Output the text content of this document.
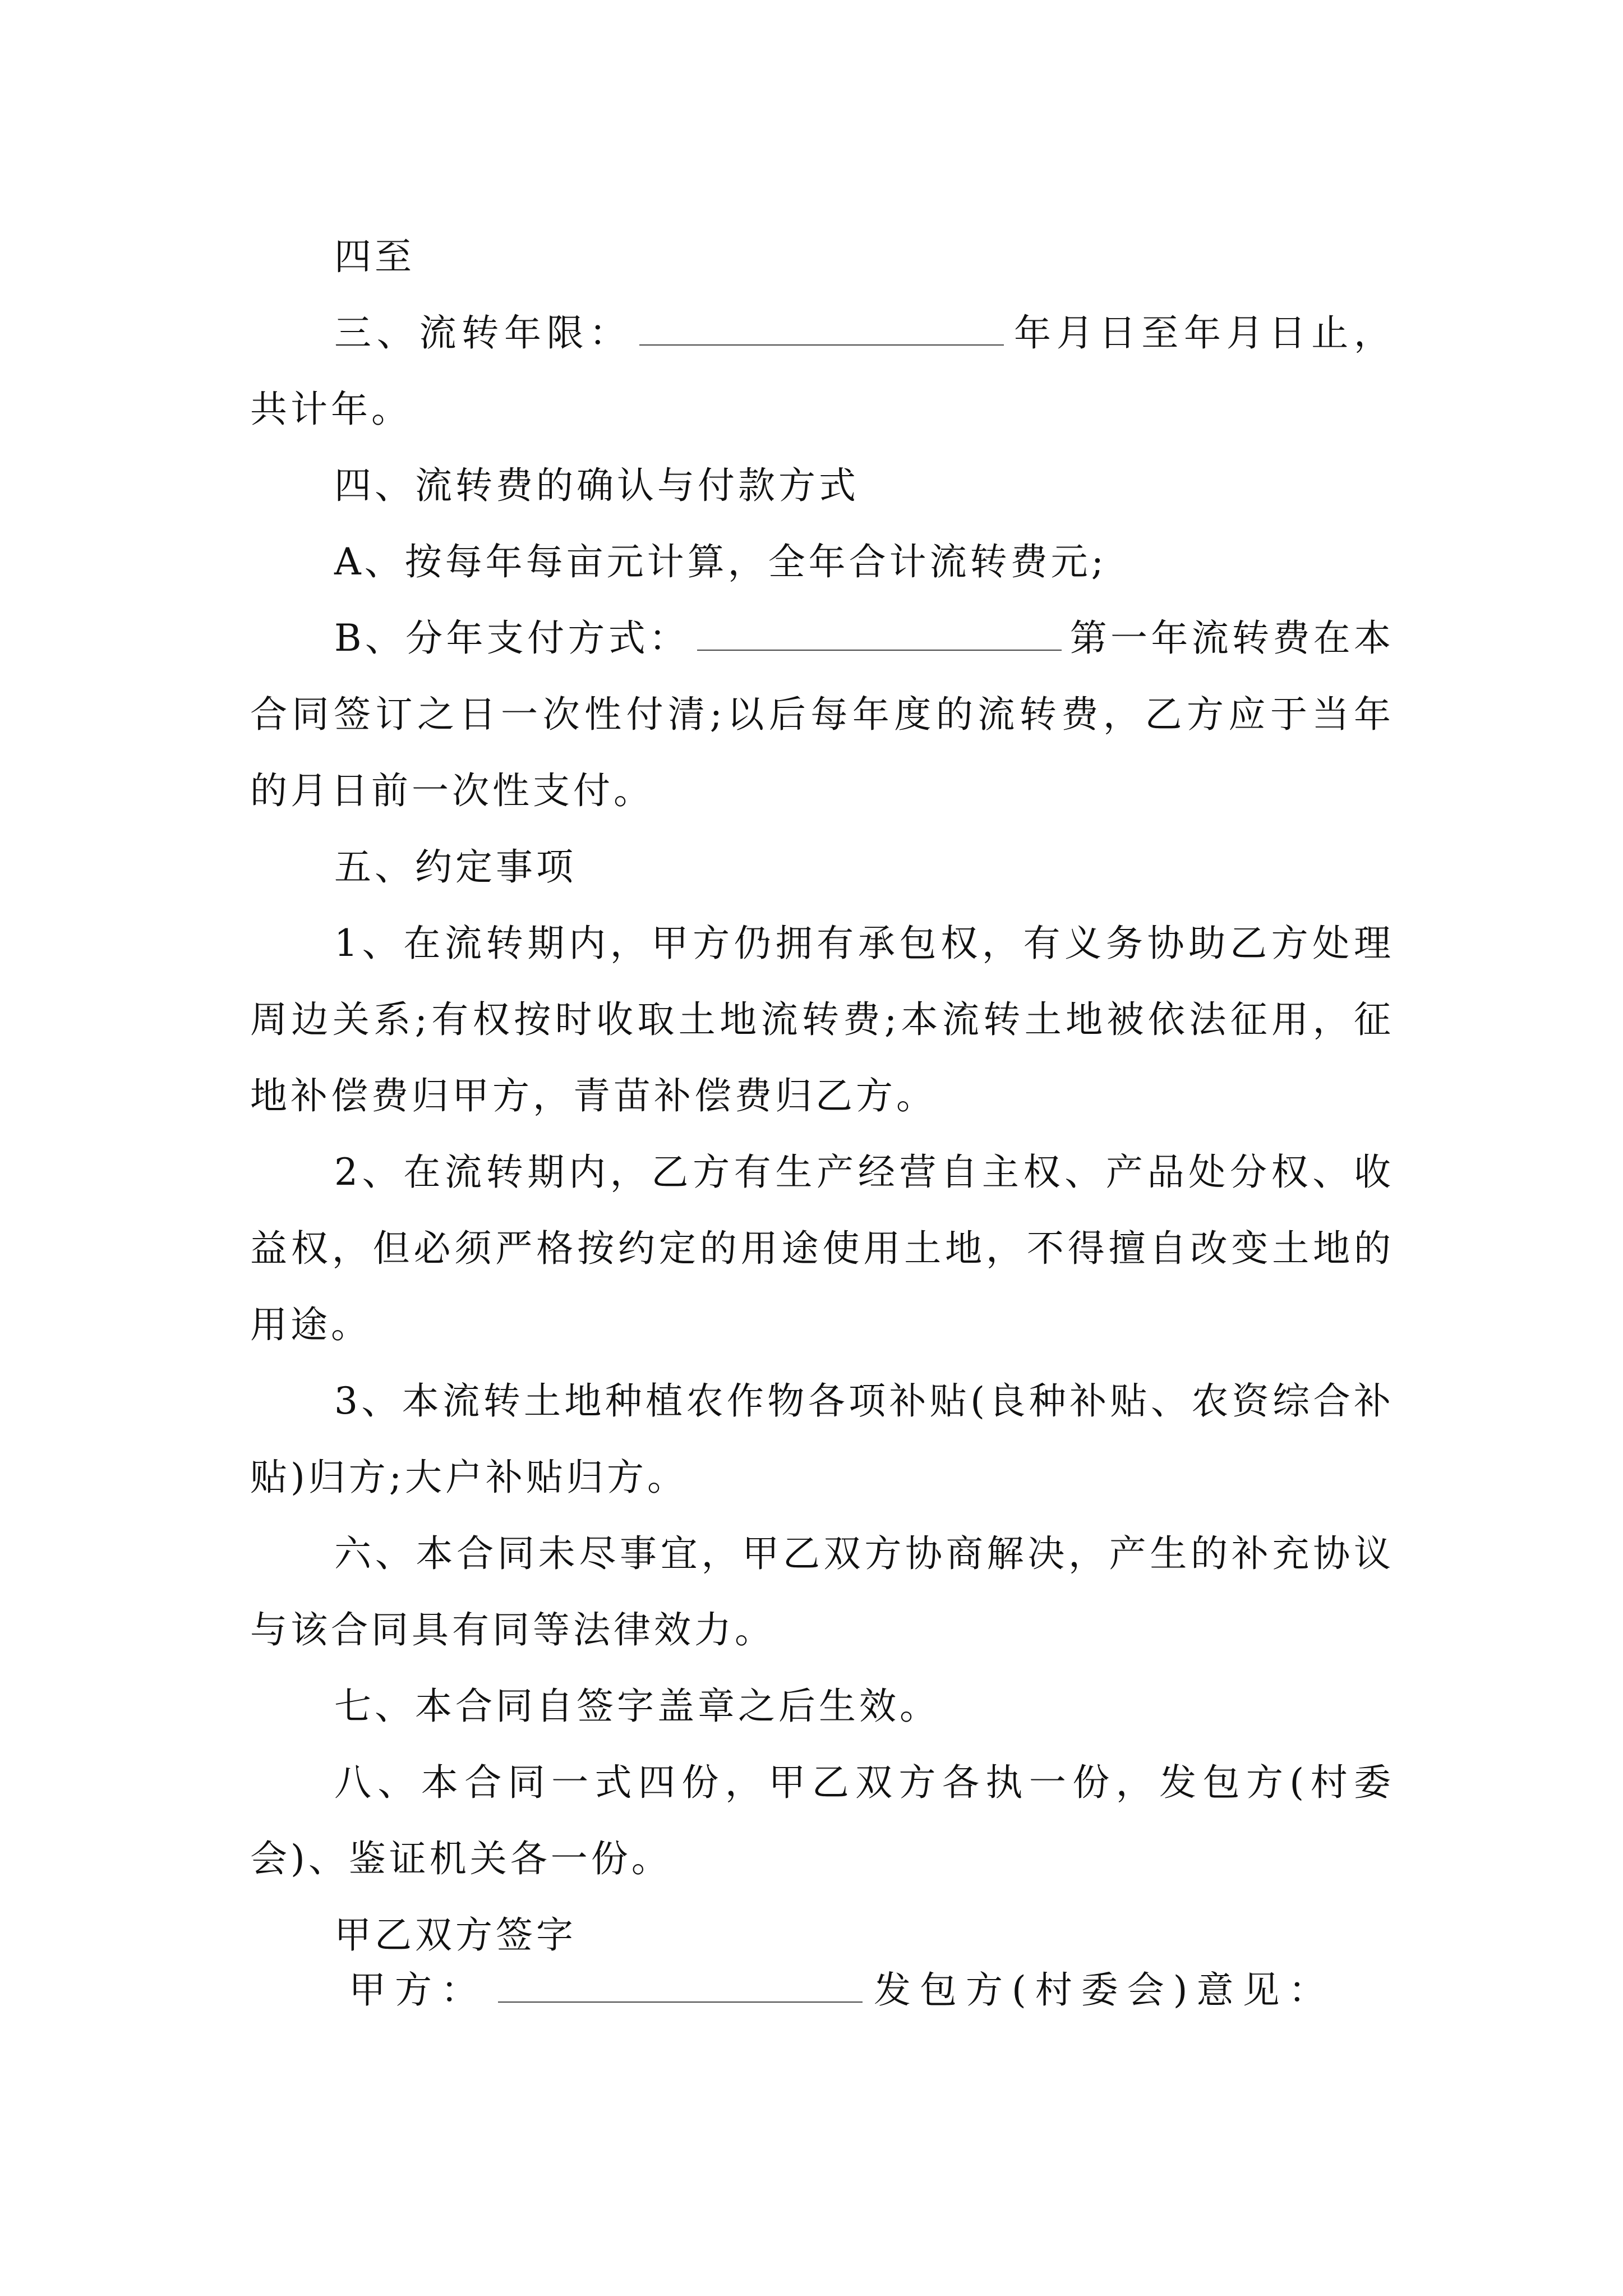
四至

三、流转年限：	年月日至年月日止，共计年。

四、流转费的确认与付款方式

A、按每年每亩元计算，全年合计流转费元;

B、分年支付方式：	第一年流转费在本合同签订之日一次性付清;以后每年度的流转费，乙方应于当年的月日前一次性支付。

五、约定事项

1、在流转期内，甲方仍拥有承包权，有义务协助乙方处理周边关系;有权按时收取土地流转费;本流转土地被依法征用，征地补偿费归甲方，青苗补偿费归乙方。

2、在流转期内，乙方有生产经营自主权、产品处分权、收益权，但必须严格按约定的用途使用土地，不得擅自改变土地的用途。

3、本流转土地种植农作物各项补贴(良种补贴、农资综合补贴)归方;大户补贴归方。

六、本合同未尽事宜，甲乙双方协商解决，产生的补充协议与该合同具有同等法律效力。

七、本合同自签字盖章之后生效。

八、本合同一式四份，甲乙双方各执一份，发包方(村委会)、鉴证机关各一份。

甲乙双方签字

甲方：	发包方(村委会)意见：
